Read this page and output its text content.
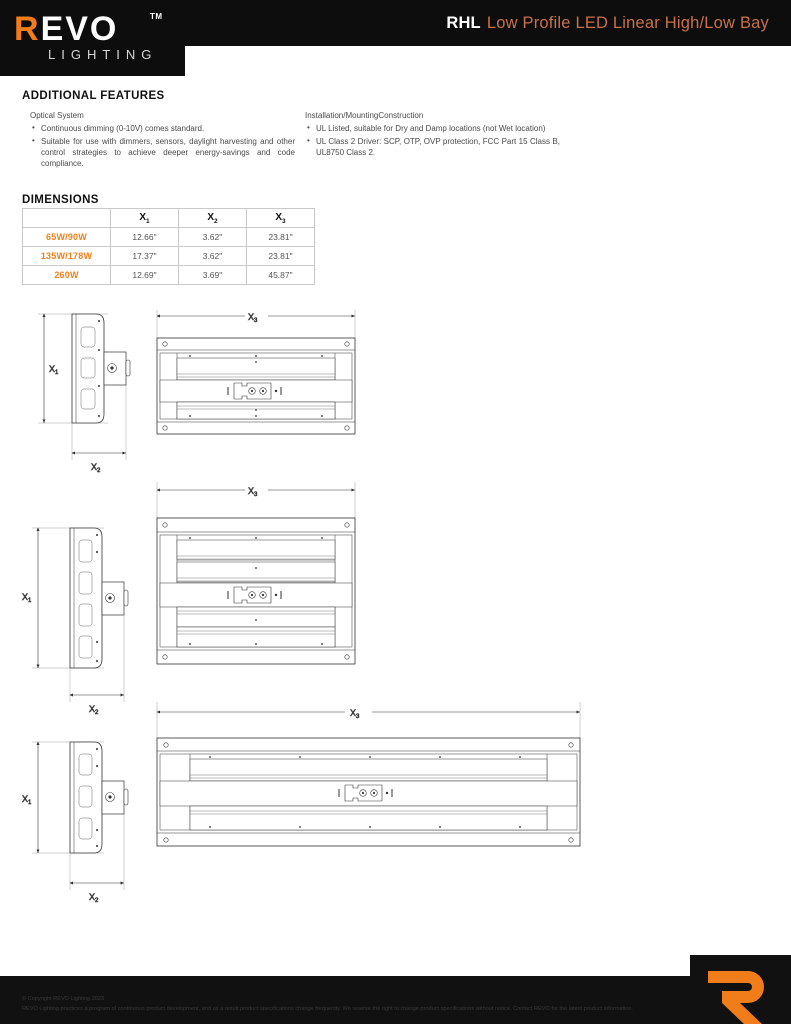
RHL Low Profile LED Linear High/Low Bay
REVO	TM
LIGHTING
ADDITIONAL FEATURES
Optical System
• Continuous dimming (0-10V) comes standard.
• Suitable for use with dimmers, sensors, daylight harvesting and other control strategies to achieve deeper energy-savings and code compliance.
Installation/MountingConstruction
• UL Listed, suitable for Dry and Damp locations (not Wet location)
• UL Class 2 Driver: SCP, OTP, OVP protection, FCC Part 15 Class B, UL8750 Class 2.
DIMENSIONS
	$X_1$	$X_2$	$X_3$
65W/90W	12.66"	3.62"	23.81"
135W/178W	17.37"	3.62"	23.81"
260W	12.69"	3.69"	45.87"
$X_1$
$X_2$
$X_3$
$X_1$
$X_2$
$X_3$
$X_1$
$X_2$
$X_3$
© Copyright REVO Lighting 2023
REVO Lighting practices a program of continuous product development, and as a result product specifications change frequently. We reserve the right to change product specifications without notice. Contact REVO for the latest product information.
